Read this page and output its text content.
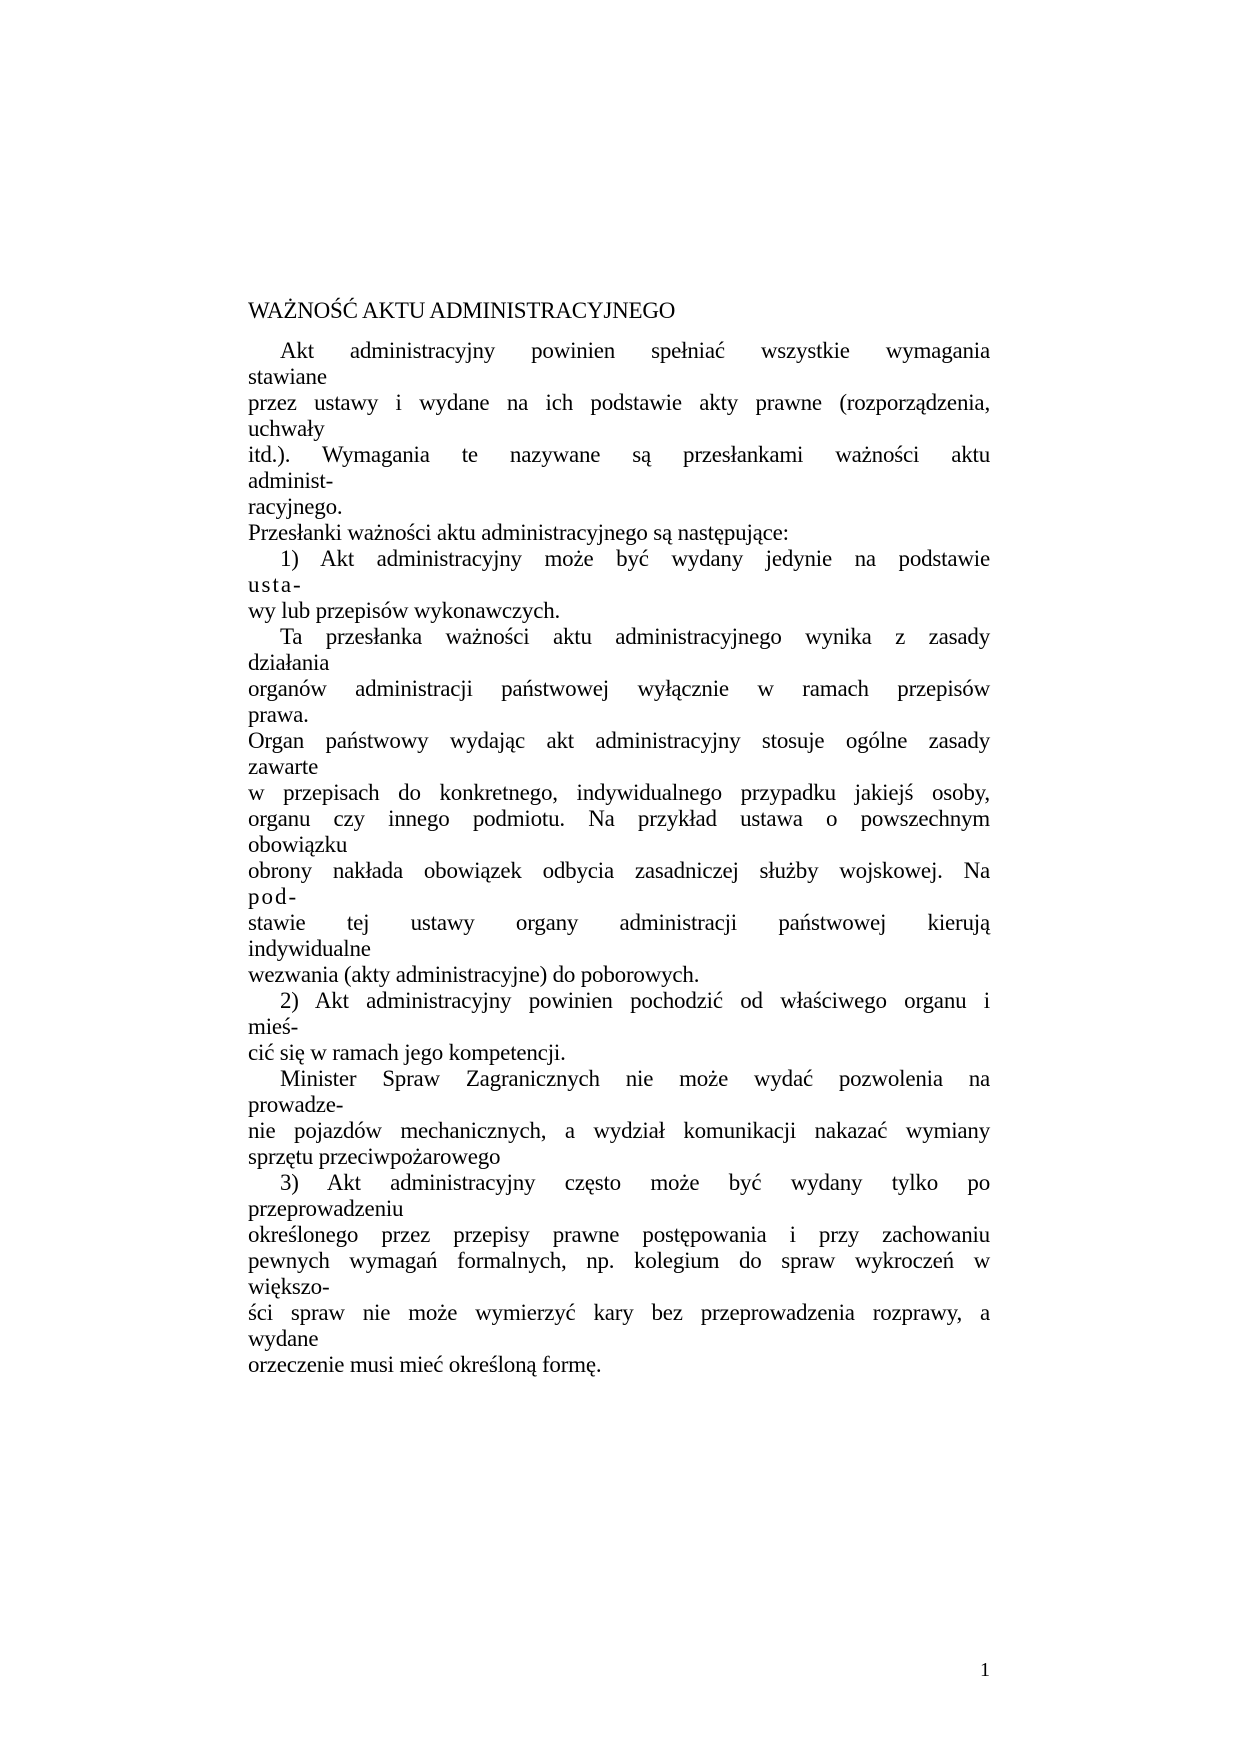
WAŻNOŚĆ AKTU ADMINISTRACYJNEGO
Akt administracyjny powinien spełniać wszystkie wymagania
stawiane
przez ustawy i wydane na ich podstawie akty prawne (rozporządzenia,
uchwały
itd.). Wymagania te nazywane są przesłankami ważności aktu
administ-
racyjnego.
Przesłanki ważności aktu administracyjnego są następujące:
1) Akt administracyjny może być wydany jedynie na podstawie
usta-
wy lub przepisów wykonawczych.
Ta przesłanka ważności aktu administracyjnego wynika z zasady
działania
organów administracji państwowej wyłącznie w ramach przepisów
prawa.
Organ państwowy wydając akt administracyjny stosuje ogólne zasady
zawarte
w przepisach do konkretnego, indywidualnego przypadku jakiejś osoby,
organu czy innego podmiotu. Na przykład ustawa o powszechnym
obowiązku
obrony nakłada obowiązek odbycia zasadniczej służby wojskowej. Na
pod-
stawie tej ustawy organy administracji państwowej kierują
indywidualne
wezwania (akty administracyjne) do poborowych.
2) Akt administracyjny powinien pochodzić od właściwego organu i
mieś-
cić się w ramach jego kompetencji.
Minister Spraw Zagranicznych nie może wydać pozwolenia na
prowadze-
nie pojazdów mechanicznych, a wydział komunikacji nakazać wymiany
sprzętu przeciwpożarowego
3) Akt administracyjny często może być wydany tylko po
przeprowadzeniu
określonego przez przepisy prawne postępowania i przy zachowaniu
pewnych wymagań formalnych, np. kolegium do spraw wykroczeń w
większo-
ści spraw nie może wymierzyć kary bez przeprowadzenia rozprawy, a
wydane
orzeczenie musi mieć określoną formę.
1
